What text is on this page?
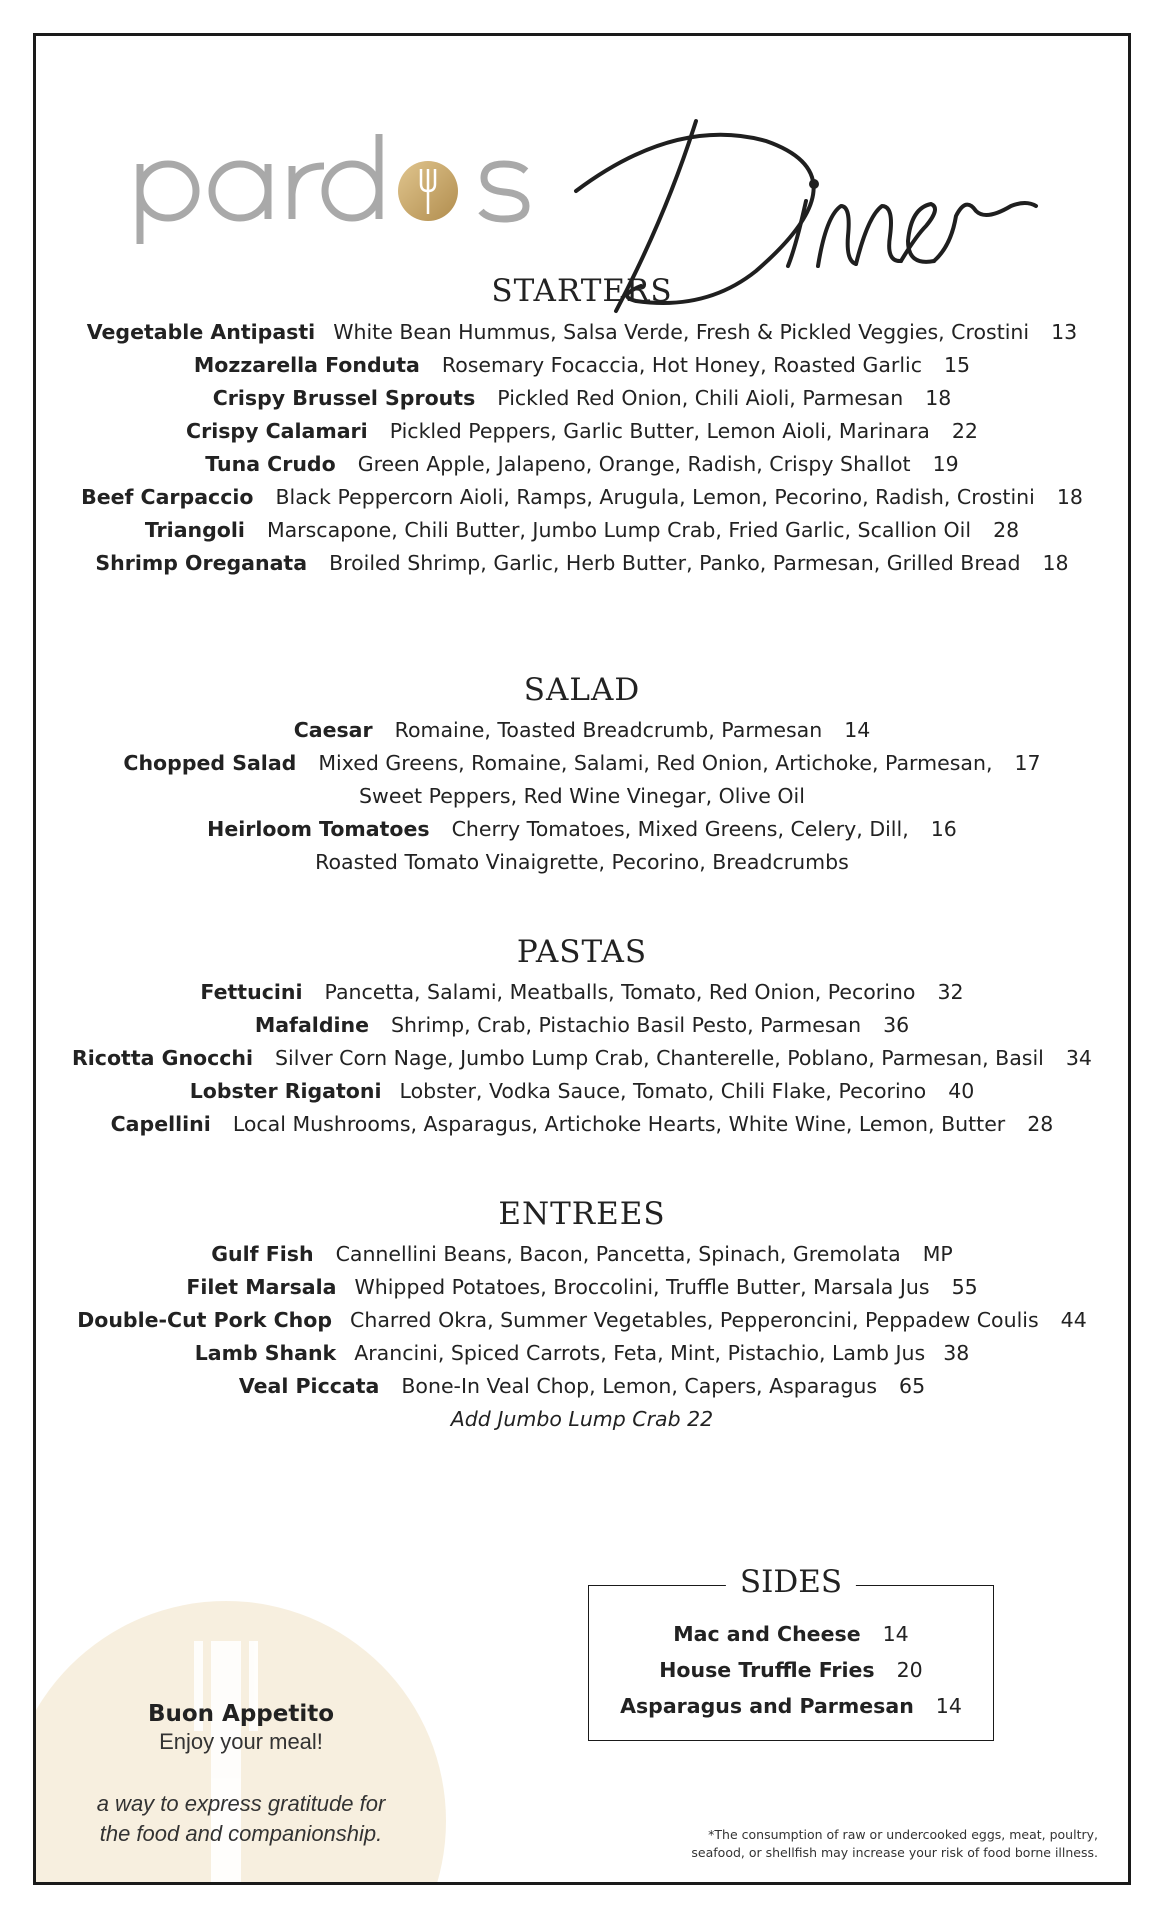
STARTERS
Vegetable Antipasti White Bean Hummus, Salsa Verde, Fresh & Pickled Veggies, Crostini 13
Mozzarella Fonduta Rosemary Focaccia, Hot Honey, Roasted Garlic 15
Crispy Brussel Sprouts Pickled Red Onion, Chili Aioli, Parmesan 18
Crispy Calamari Pickled Peppers, Garlic Butter, Lemon Aioli, Marinara 22
Tuna Crudo Green Apple, Jalapeno, Orange, Radish, Crispy Shallot 19
Beef Carpaccio Black Peppercorn Aioli, Ramps, Arugula, Lemon, Pecorino, Radish, Crostini 18
Triangoli Marscapone, Chili Butter, Jumbo Lump Crab, Fried Garlic, Scallion Oil 28
Shrimp Oreganata Broiled Shrimp, Garlic, Herb Butter, Panko, Parmesan, Grilled Bread 18
SALAD
Caesar Romaine, Toasted Breadcrumb, Parmesan 14
Chopped Salad Mixed Greens, Romaine, Salami, Red Onion, Artichoke, Parmesan, 17
Sweet Peppers, Red Wine Vinegar, Olive Oil
Heirloom Tomatoes Cherry Tomatoes, Mixed Greens, Celery, Dill, 16
Roasted Tomato Vinaigrette, Pecorino, Breadcrumbs
PASTAS
Fettucini Pancetta, Salami, Meatballs, Tomato, Red Onion, Pecorino 32
Mafaldine Shrimp, Crab, Pistachio Basil Pesto, Parmesan 36
Ricotta Gnocchi Silver Corn Nage, Jumbo Lump Crab, Chanterelle, Poblano, Parmesan, Basil 34
Lobster Rigatoni Lobster, Vodka Sauce, Tomato, Chili Flake, Pecorino 40
Capellini Local Mushrooms, Asparagus, Artichoke Hearts, White Wine, Lemon, Butter 28
ENTREES
Gulf Fish Cannellini Beans, Bacon, Pancetta, Spinach, Gremolata MP
Filet Marsala Whipped Potatoes, Broccolini, Truffle Butter, Marsala Jus 55
Double-Cut Pork Chop Charred Okra, Summer Vegetables, Pepperoncini, Peppadew Coulis 44
Lamb Shank Arancini, Spiced Carrots, Feta, Mint, Pistachio, Lamb Jus 38
Veal Piccata Bone-In Veal Chop, Lemon, Capers, Asparagus 65
Add Jumbo Lump Crab 22
Buon Appetito
Enjoy your meal!
a way to express gratitude for
the food and companionship.
SIDES
Mac and Cheese 14
House Truffle Fries 20
Asparagus and Parmesan 14
*The consumption of raw or undercooked eggs, meat, poultry,
seafood, or shellfish may increase your risk of food borne illness.
